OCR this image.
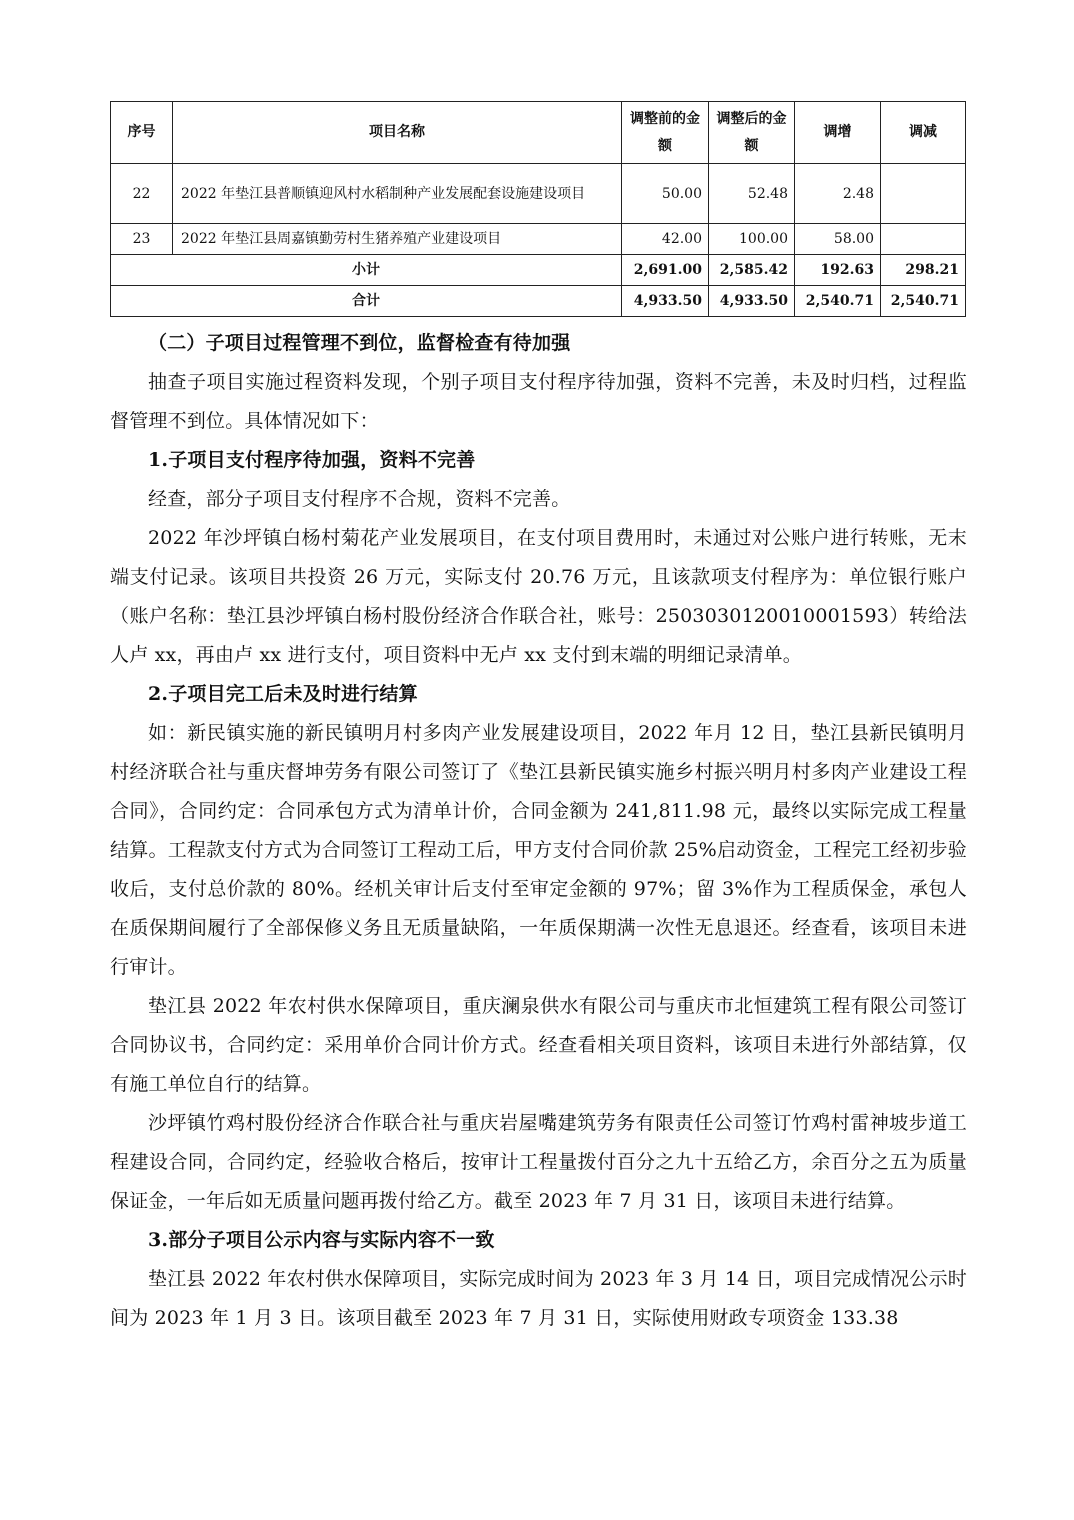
序号	项目名称	调整前的金额	调整后的金额	调增	调减
22	2022 年垫江县普顺镇迎风村水稻制种产业发展配套设施建设项目	50.00	52.48	2.48	
23	2022 年垫江县周嘉镇勤劳村生猪养殖产业建设项目	42.00	100.00	58.00	
小计		2,691.00	2,585.42	192.63	298.21
合计		4,933.50	4,933.50	2,540.71	2,540.71

（二）子项目过程管理不到位，监督检查有待加强

抽查子项目实施过程资料发现，个别子项目支付程序待加强，资料不完善，未及时归档，过程监督管理不到位。具体情况如下：

1.子项目支付程序待加强，资料不完善

经查，部分子项目支付程序不合规，资料不完善。

2022 年沙坪镇白杨村菊花产业发展项目，在支付项目费用时，未通过对公账户进行转账，无末端支付记录。该项目共投资 26 万元，实际支付 20.76 万元，且该款项支付程序为：单位银行账户（账户名称：垫江县沙坪镇白杨村股份经济合作联合社，账号：2503030120010001593）转给法人卢 xx，再由卢 xx 进行支付，项目资料中无卢 xx 支付到末端的明细记录清单。

2.子项目完工后未及时进行结算

如：新民镇实施的新民镇明月村多肉产业发展建设项目，2022 年月 12 日，垫江县新民镇明月村经济联合社与重庆督坤劳务有限公司签订了《垫江县新民镇实施乡村振兴明月村多肉产业建设工程合同》，合同约定：合同承包方式为清单计价，合同金额为 241,811.98 元，最终以实际完成工程量结算。工程款支付方式为合同签订工程动工后，甲方支付合同价款 25%启动资金，工程完工经初步验收后，支付总价款的 80%。经机关审计后支付至审定金额的 97%；留 3%作为工程质保金，承包人在质保期间履行了全部保修义务且无质量缺陷，一年质保期满一次性无息退还。经查看，该项目未进行审计。

垫江县 2022 年农村供水保障项目，重庆澜泉供水有限公司与重庆市北恒建筑工程有限公司签订合同协议书，合同约定：采用单价合同计价方式。经查看相关项目资料，该项目未进行外部结算，仅有施工单位自行的结算。

沙坪镇竹鸡村股份经济合作联合社与重庆岩屋嘴建筑劳务有限责任公司签订竹鸡村雷神坡步道工程建设合同，合同约定，经验收合格后，按审计工程量拨付百分之九十五给乙方，余百分之五为质量保证金，一年后如无质量问题再拨付给乙方。截至 2023 年 7 月 31 日，该项目未进行结算。

3.部分子项目公示内容与实际内容不一致

垫江县 2022 年农村供水保障项目，实际完成时间为 2023 年 3 月 14 日，项目完成情况公示时间为 2023 年 1 月 3 日。该项目截至 2023 年 7 月 31 日，实际使用财政专项资金 133.38
